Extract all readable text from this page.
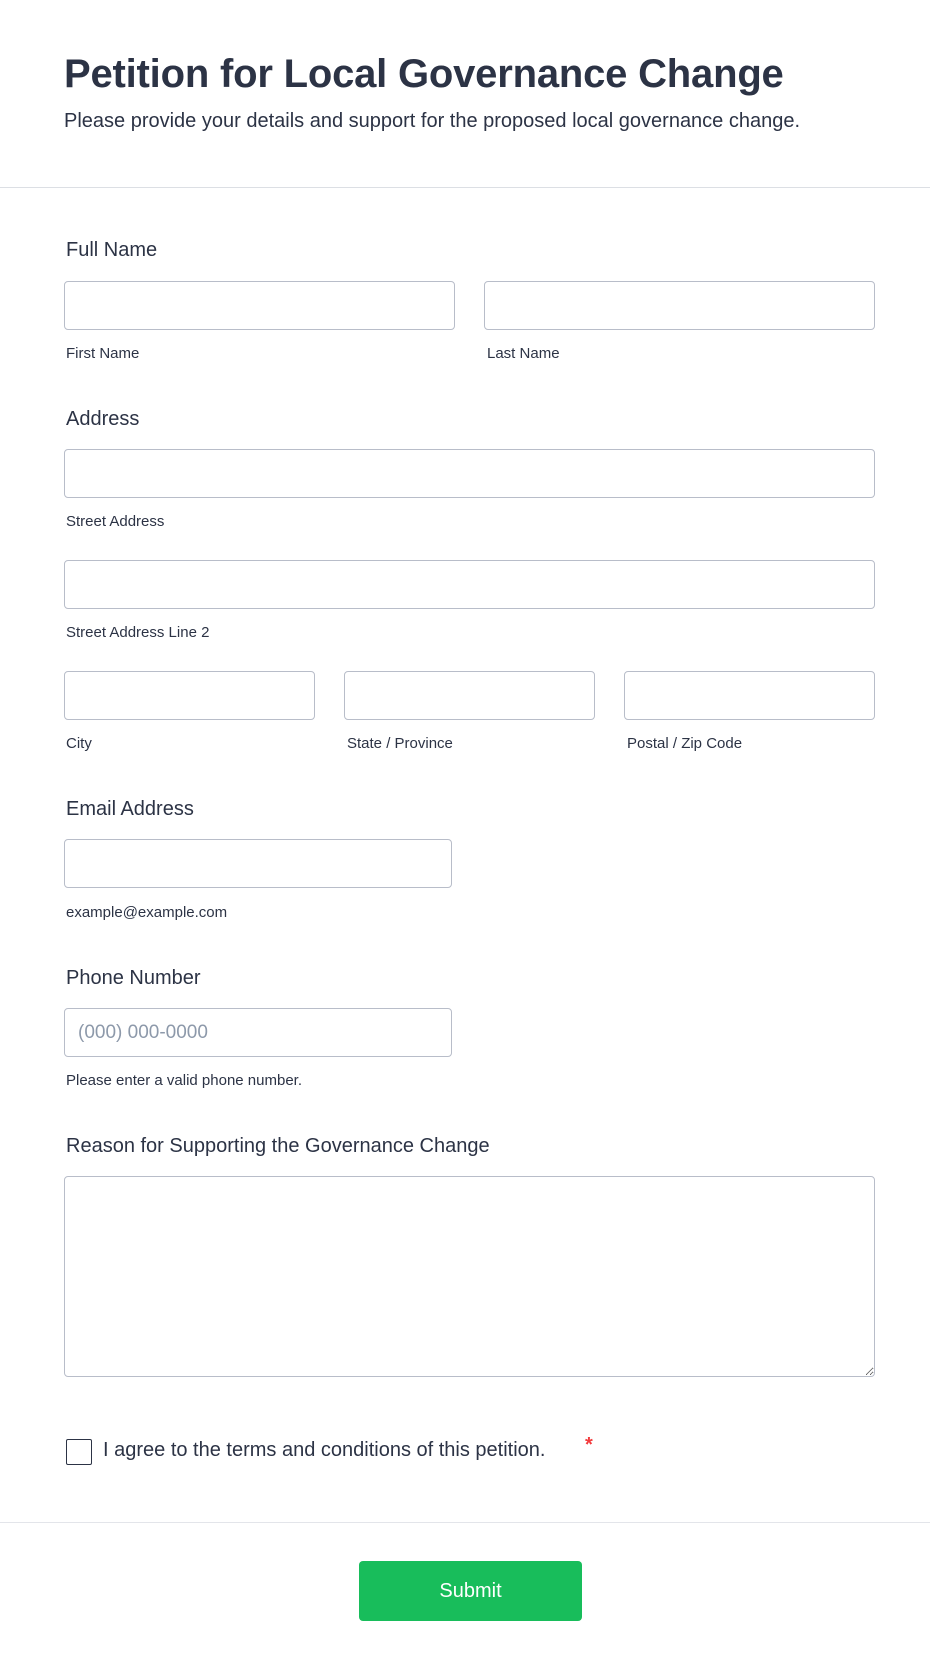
Petition for Local Governance Change

Please provide your details and support for the proposed local governance change.

Full Name
First Name	Last Name
Address
Street Address
Street Address Line 2
City	State / Province	Postal / Zip Code
Email Address
example@example.com
Phone Number
(000) 000-0000
Please enter a valid phone number.
Reason for Supporting the Governance Change
I agree to the terms and conditions of this petition. *
Submit
